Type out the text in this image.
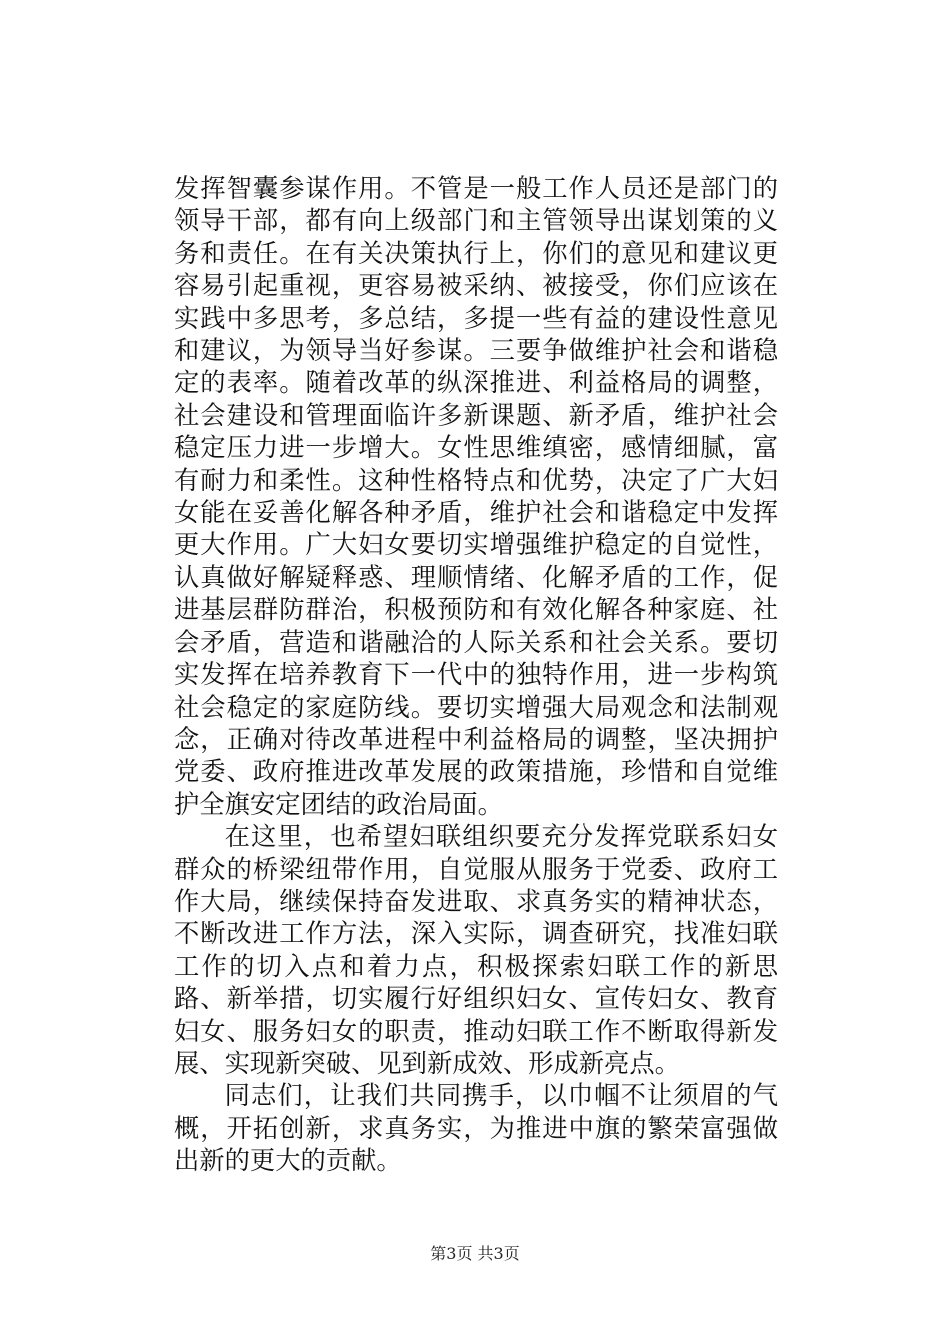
发挥智囊参谋作用。不管是一般工作人员还是部门的领导干部，都有向上级部门和主管领导出谋划策的义务和责任。在有关决策执行上，你们的意见和建议更容易引起重视，更容易被采纳、被接受，你们应该在实践中多思考，多总结，多提一些有益的建设性意见和建议，为领导当好参谋。三要争做维护社会和谐稳定的表率。随着改革的纵深推进、利益格局的调整，社会建设和管理面临许多新课题、新矛盾，维护社会稳定压力进一步增大。女性思维缜密，感情细腻，富有耐力和柔性。这种性格特点和优势，决定了广大妇女能在妥善化解各种矛盾，维护社会和谐稳定中发挥更大作用。广大妇女要切实增强维护稳定的自觉性，认真做好解疑释惑、理顺情绪、化解矛盾的工作，促进基层群防群治，积极预防和有效化解各种家庭、社会矛盾，营造和谐融洽的人际关系和社会关系。要切实发挥在培养教育下一代中的独特作用，进一步构筑社会稳定的家庭防线。要切实增强大局观念和法制观念，正确对待改革进程中利益格局的调整，坚决拥护党委、政府推进改革发展的政策措施，珍惜和自觉维护全旗安定团结的政治局面。

在这里，也希望妇联组织要充分发挥党联系妇女群众的桥梁纽带作用，自觉服从服务于党委、政府工作大局，继续保持奋发进取、求真务实的精神状态，不断改进工作方法，深入实际，调查研究，找准妇联工作的切入点和着力点，积极探索妇联工作的新思路、新举措，切实履行好组织妇女、宣传妇女、教育妇女、服务妇女的职责，推动妇联工作不断取得新发展、实现新突破、见到新成效、形成新亮点。

同志们，让我们共同携手，以巾帼不让须眉的气概，开拓创新，求真务实，为推进中旗的繁荣富强做出新的更大的贡献。

第3页 共3页
